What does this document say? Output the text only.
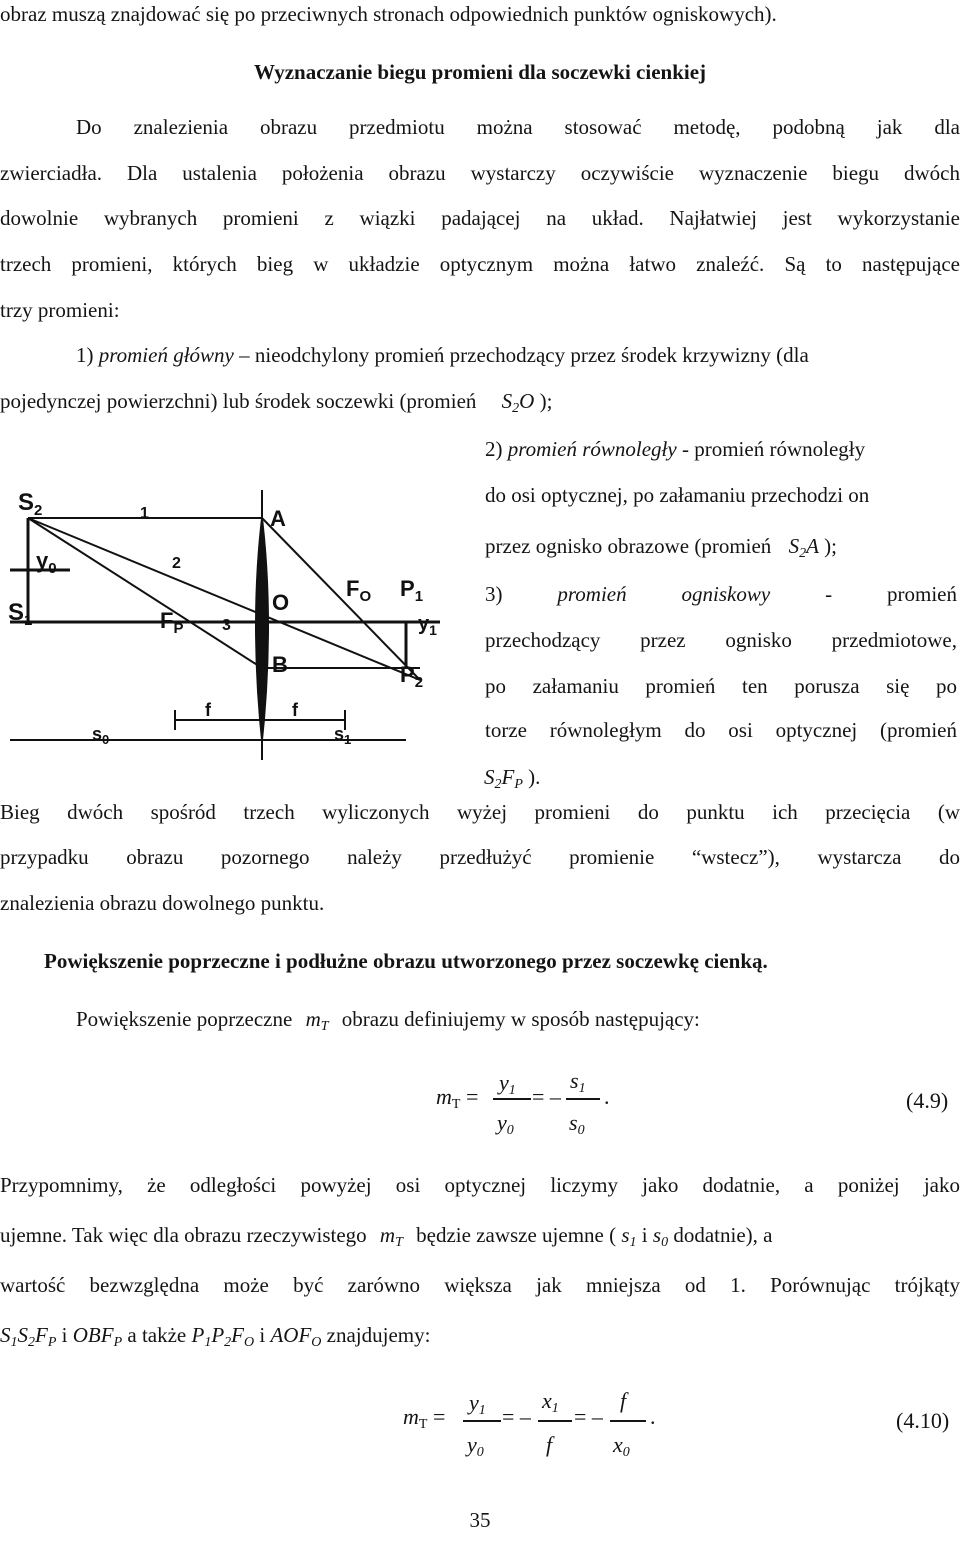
obraz muszą znajdować się po przeciwnych stronach odpowiednich punktów ogniskowych).
Wyznaczanie biegu promieni dla soczewki cienkiej
Do znalezienia obrazu przedmiotu można stosować metodę, podobną jak dla
zwierciadła. Dla ustalenia położenia obrazu wystarczy oczywiście wyznaczenie biegu dwóch
dowolnie wybranych promieni z wiązki padającej na układ. Najłatwiej jest wykorzystanie
trzech promieni, których bieg w układzie optycznym można łatwo znaleźć. Są to następujące
trzy promieni:
1) promień główny – nieodchylony promień przechodzący przez środek krzywizny (dla
pojedynczej powierzchni) lub środek soczewki (promień $S_2O$ );
$S_2$
$S_1$
$y_0$
1
2
3
A
O
B
$F_P$
$F_O$ $P_1$
$P_2$
$y_1$
f	f
$s_0$	$s_1$
2) promień równoległy - promień równoległy
do osi optycznej, po załamaniu przechodzi on
przez ognisko obrazowe (promień $S_2A$ );
3)	promień	ogniskowy	-	promień
przechodzący przez ognisko przedmiotowe,
po załamaniu promień ten porusza się po
torze równoległym do osi optycznej (promień
$S_2F_P$ ).
Bieg dwóch spośród trzech wyliczonych wyżej promieni do punktu ich przecięcia (w
przypadku obrazu pozornego należy przedłużyć promienie “wstecz”), wystarcza do
znalezienia obrazu dowolnego punktu.
Powiększenie poprzeczne i podłużne obrazu utworzonego przez soczewkę cienką.
Powiększenie poprzeczne $m_T$ obrazu definiujemy w sposób następujący:
$m_T$ =
$y_1$
$y_0$
= –
$s_1$
$s_0$
.	(4.9)
Przypomnimy, że odległości powyżej osi optycznej liczymy jako dodatnie, a poniżej jako
ujemne. Tak więc dla obrazu rzeczywistego $m_T$ będzie zawsze ujemne ( $s_1$ i $s_0$ dodatnie), a
wartość bezwzględna może być zarówno większa jak mniejsza od 1. Porównując trójkąty
$S_1S_2F_P$ i $OBF_P$ a także $P_1P_2F_O$ i $AOF_O$ znajdujemy:
$m_T$ =
$y_1$
$y_0$
= –
$x_1$
f
= –
f
$x_0$
.	(4.10)
35
